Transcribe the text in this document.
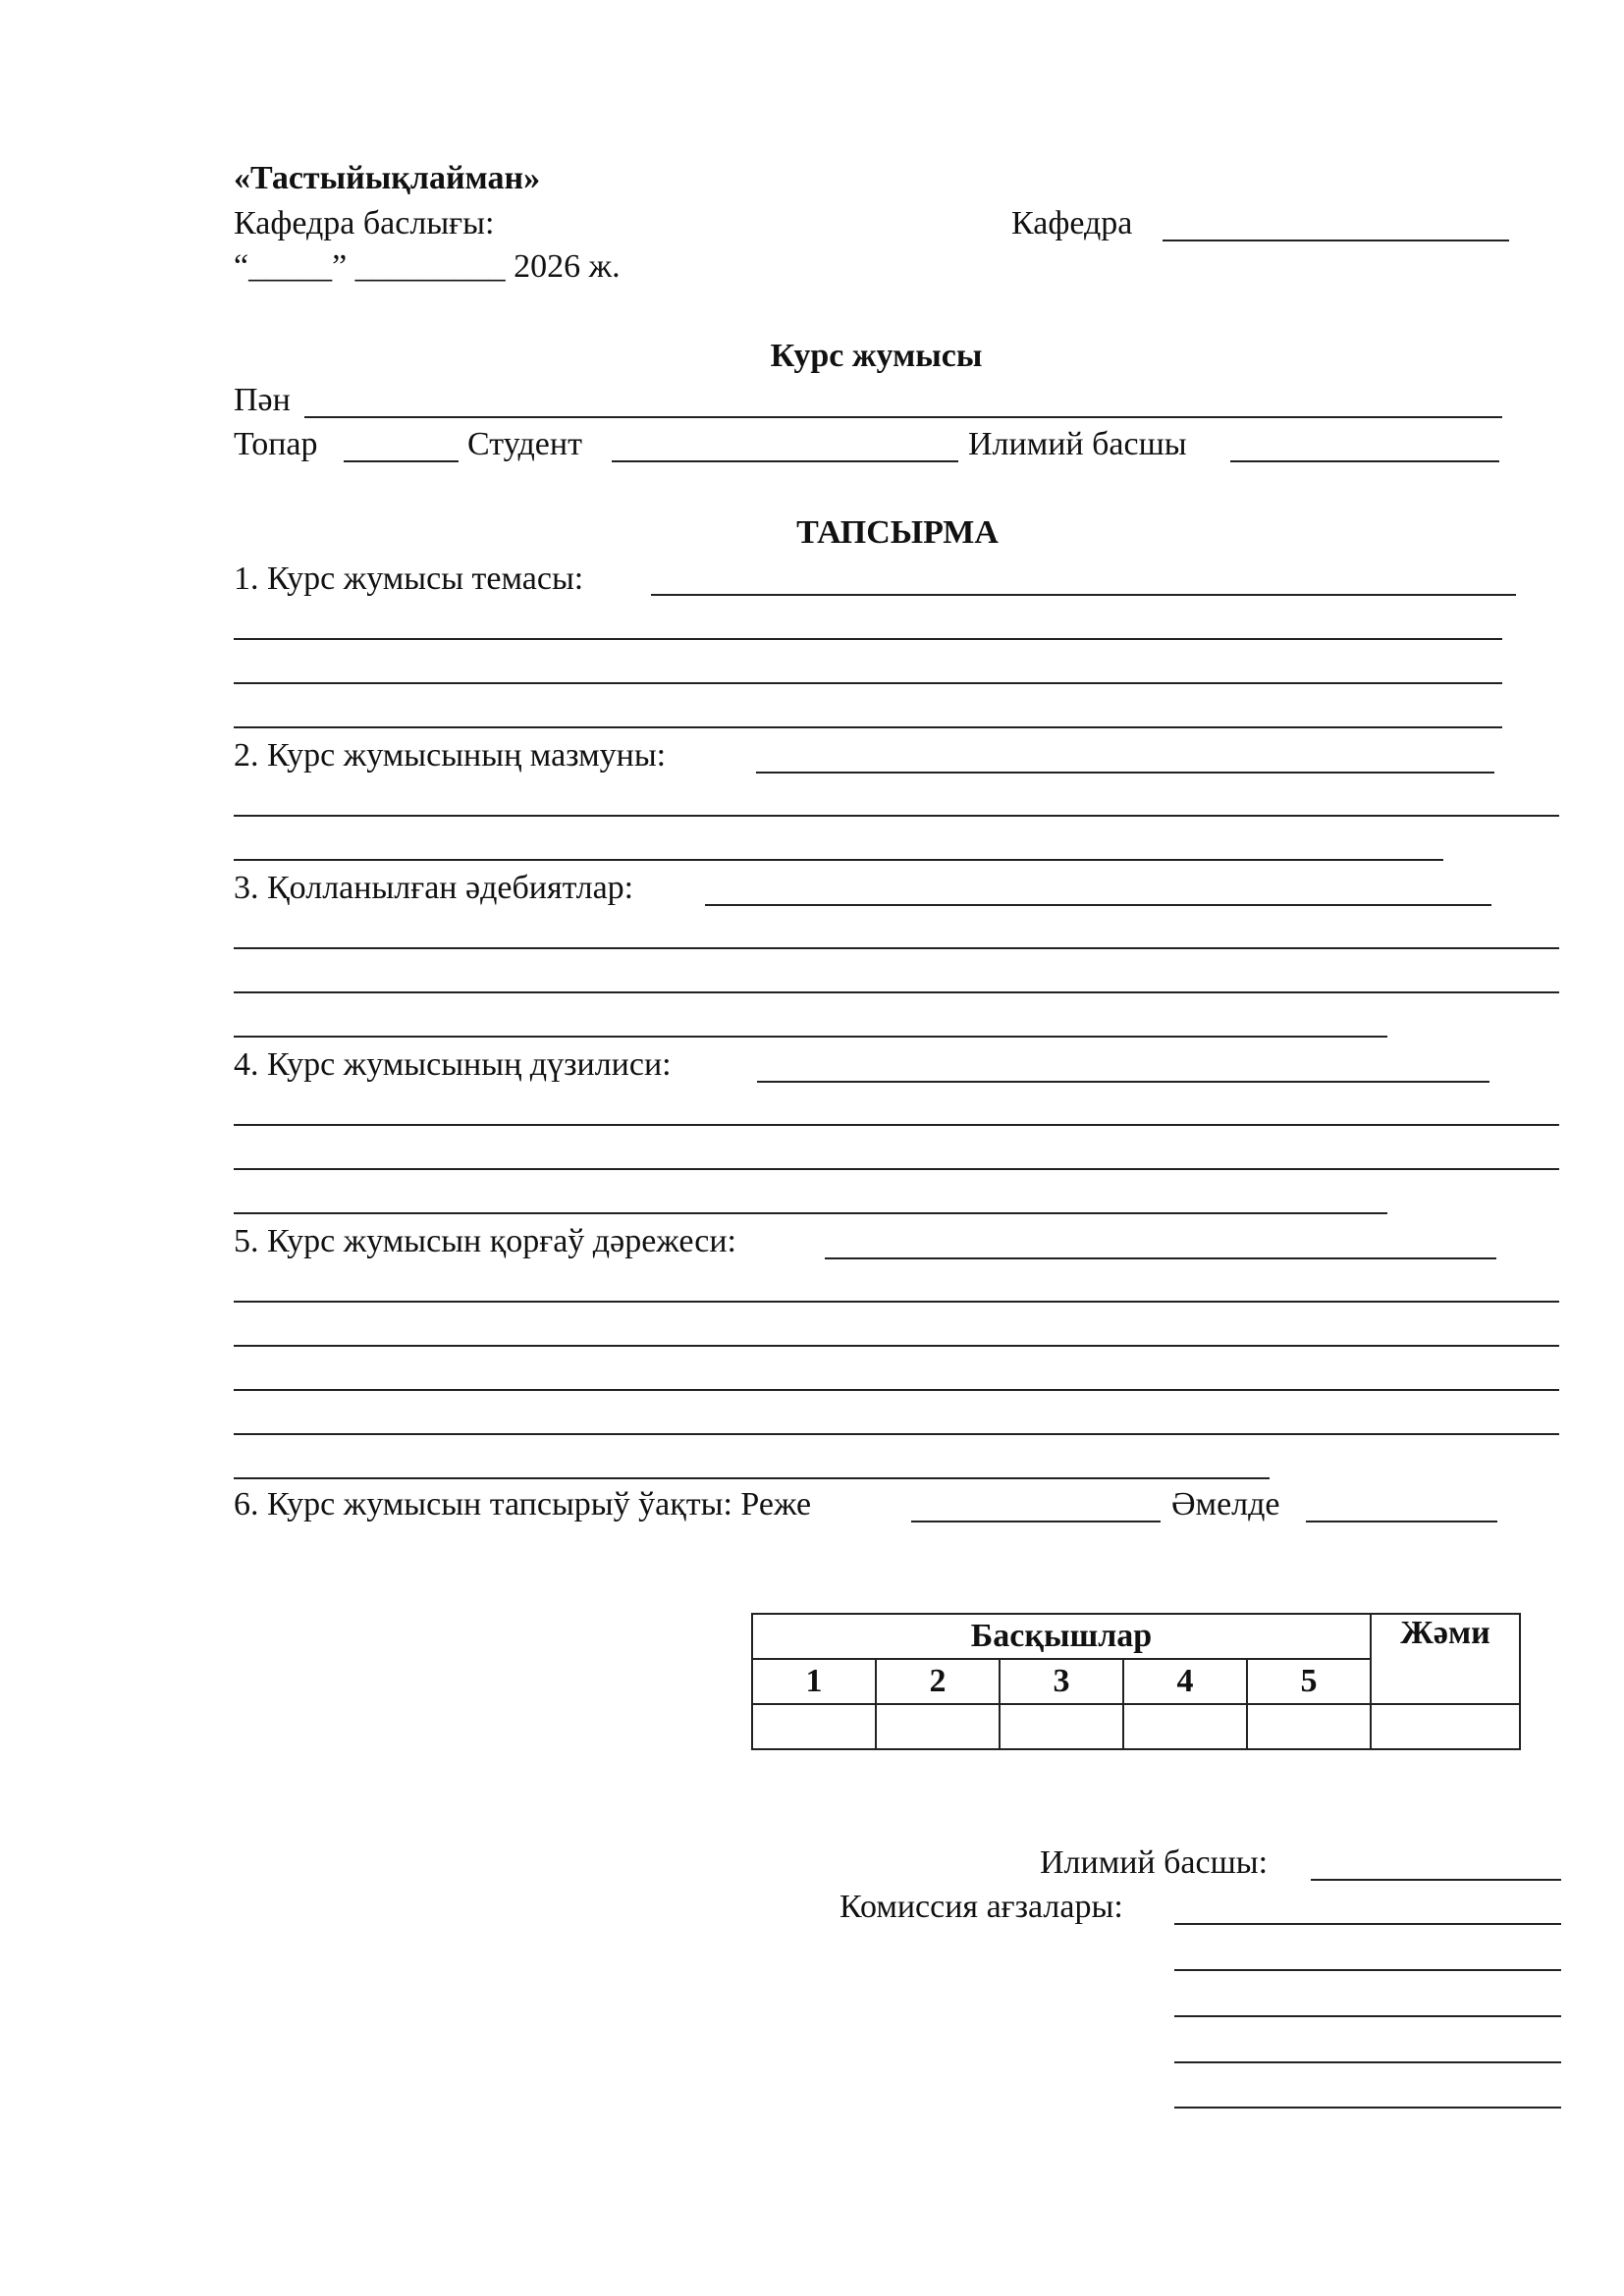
«Тастыйықлайман»
Кафедра баслығы:
“_____” _________ 2026 ж.
Кафедра
Курс жумысы
Пән
Топар	Студент	Илимий басшы
ТАПСЫРМА
1. Курс жумысы темасы:
2. Курс жумысының мазмуны:
3. Қолланылған әдебиятлар:
4. Курс жумысының дүзилиси:
5. Курс жумысын қорғаў дәрежеси:
6. Курс жумысын тапсырыў ўақты: Реже	Әмелде
Басқышлар					Жәми
1	2	3	4	5	

Илимий басшы:
Комиссия ағзалары:
